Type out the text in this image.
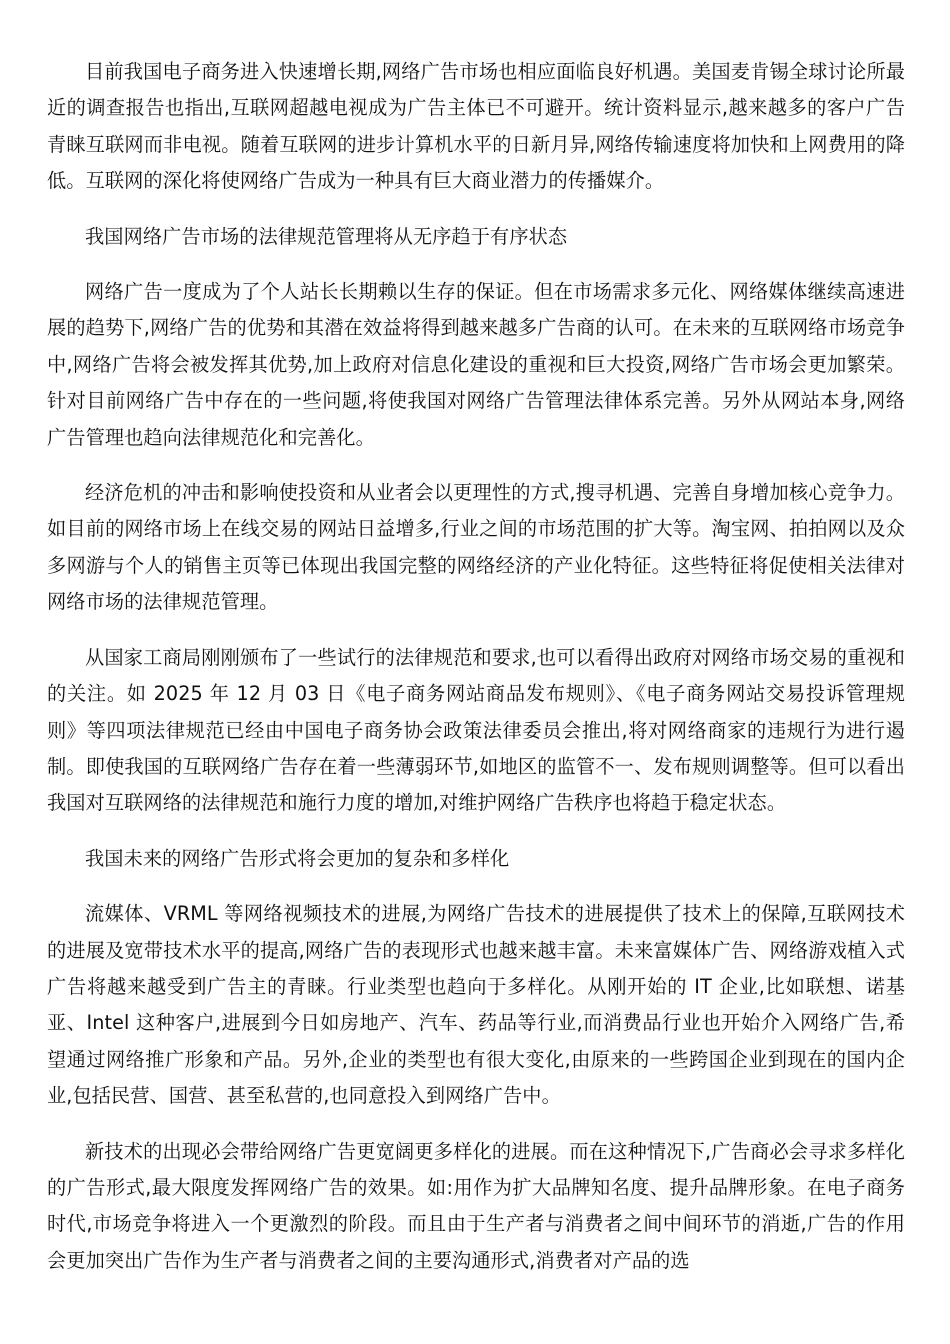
目前我国电子商务进入快速增长期,网络广告市场也相应面临良好机遇。美国麦肯锡全球讨论所最近的调查报告也指出,互联网超越电视成为广告主体已不可避开。统计资料显示,越来越多的客户广告青睐互联网而非电视。随着互联网的进步计算机水平的日新月异,网络传输速度将加快和上网费用的降低。互联网的深化将使网络广告成为一种具有巨大商业潜力的传播媒介。

我国网络广告市场的法律规范管理将从无序趋于有序状态

网络广告一度成为了个人站长长期赖以生存的保证。但在市场需求多元化、网络媒体继续高速进展的趋势下,网络广告的优势和其潜在效益将得到越来越多广告商的认可。在未来的互联网络市场竞争中,网络广告将会被发挥其优势,加上政府对信息化建设的重视和巨大投资,网络广告市场会更加繁荣。针对目前网络广告中存在的一些问题,将使我国对网络广告管理法律体系完善。另外从网站本身,网络广告管理也趋向法律规范化和完善化。

经济危机的冲击和影响使投资和从业者会以更理性的方式,搜寻机遇、完善自身增加核心竞争力。如目前的网络市场上在线交易的网站日益增多,行业之间的市场范围的扩大等。淘宝网、拍拍网以及众多网游与个人的销售主页等已体现出我国完整的网络经济的产业化特征。这些特征将促使相关法律对网络市场的法律规范管理。

从国家工商局刚刚颁布了一些试行的法律规范和要求,也可以看得出政府对网络市场交易的重视和的关注。如 2025 年 12 月 03 日《电子商务网站商品发布规则》、《电子商务网站交易投诉管理规则》等四项法律规范已经由中国电子商务协会政策法律委员会推出,将对网络商家的违规行为进行遏制。即使我国的互联网络广告存在着一些薄弱环节,如地区的监管不一、发布规则调整等。但可以看出我国对互联网络的法律规范和施行力度的增加,对维护网络广告秩序也将趋于稳定状态。

我国未来的网络广告形式将会更加的复杂和多样化

流媒体、VRML 等网络视频技术的进展,为网络广告技术的进展提供了技术上的保障,互联网技术的进展及宽带技术水平的提高,网络广告的表现形式也越来越丰富。未来富媒体广告、网络游戏植入式广告将越来越受到广告主的青睐。行业类型也趋向于多样化。从刚开始的 IT 企业,比如联想、诺基亚、Intel 这种客户,进展到今日如房地产、汽车、药品等行业,而消费品行业也开始介入网络广告,希望通过网络推广形象和产品。另外,企业的类型也有很大变化,由原来的一些跨国企业到现在的国内企业,包括民营、国营、甚至私营的,也同意投入到网络广告中。

新技术的出现必会带给网络广告更宽阔更多样化的进展。而在这种情况下,广告商必会寻求多样化的广告形式,最大限度发挥网络广告的效果。如:用作为扩大品牌知名度、提升品牌形象。在电子商务时代,市场竞争将进入一个更激烈的阶段。而且由于生产者与消费者之间中间环节的消逝,广告的作用会更加突出广告作为生产者与消费者之间的主要沟通形式,消费者对产品的选
